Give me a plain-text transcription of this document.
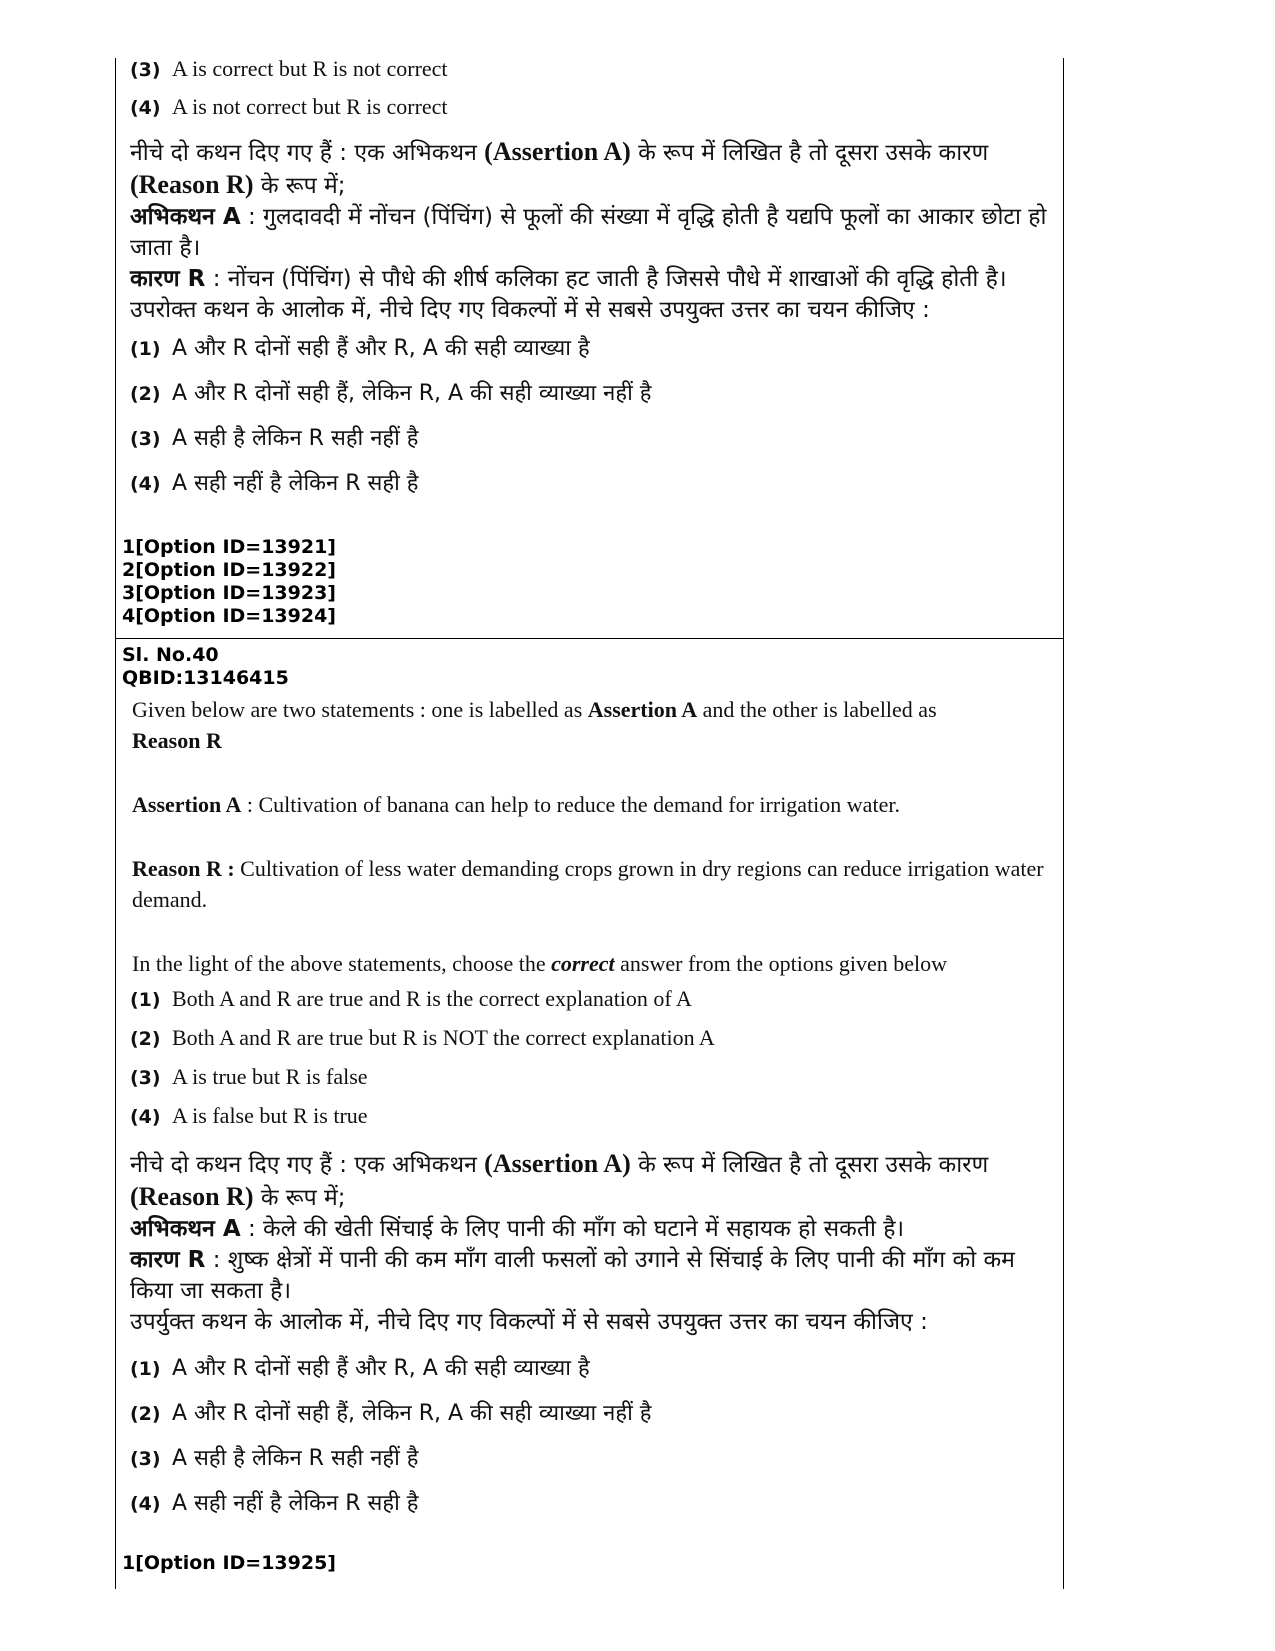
(3) A is correct but R is not correct
(4) A is not correct but R is correct
नीचे दो कथन दिए गए हैं : एक अभिकथन (Assertion A) के रूप में लिखित है तो दूसरा उसके कारण
(Reason R) के रूप में;
अभिकथन A : गुलदावदी में नोंचन (पिंचिंग) से फूलों की संख्या में वृद्धि होती है यद्यपि फूलों का आकार छोटा हो जाता है।
कारण R : नोंचन (पिंचिंग) से पौधे की शीर्ष कलिका हट जाती है जिससे पौधे में शाखाओं की वृद्धि होती है।
उपरोक्त कथन के आलोक में, नीचे दिए गए विकल्पों में से सबसे उपयुक्त उत्तर का चयन कीजिए :
(1) A और R दोनों सही हैं और R, A की सही व्याख्या है
(2) A और R दोनों सही हैं, लेकिन R, A की सही व्याख्या नहीं है
(3) A सही है लेकिन R सही नहीं है
(4) A सही नहीं है लेकिन R सही है
1[Option ID=13921]
2[Option ID=13922]
3[Option ID=13923]
4[Option ID=13924]
Sl. No.40
QBID:13146415
Given below are two statements : one is labelled as Assertion A and the other is labelled as
Reason R
Assertion A : Cultivation of banana can help to reduce the demand for irrigation water.
Reason R : Cultivation of less water demanding crops grown in dry regions can reduce irrigation water demand.
In the light of the above statements, choose the correct answer from the options given below
(1) Both A and R are true and R is the correct explanation of A
(2) Both A and R are true but R is NOT the correct explanation A
(3) A is true but R is false
(4) A is false but R is true
नीचे दो कथन दिए गए हैं : एक अभिकथन (Assertion A) के रूप में लिखित है तो दूसरा उसके कारण
(Reason R) के रूप में;
अभिकथन A : केले की खेती सिंचाई के लिए पानी की माँग को घटाने में सहायक हो सकती है।
कारण R : शुष्क क्षेत्रों में पानी की कम माँग वाली फसलों को उगाने से सिंचाई के लिए पानी की माँग को कम किया जा सकता है।
उपर्युक्त कथन के आलोक में, नीचे दिए गए विकल्पों में से सबसे उपयुक्त उत्तर का चयन कीजिए :
(1) A और R दोनों सही हैं और R, A की सही व्याख्या है
(2) A और R दोनों सही हैं, लेकिन R, A की सही व्याख्या नहीं है
(3) A सही है लेकिन R सही नहीं है
(4) A सही नहीं है लेकिन R सही है
1[Option ID=13925]
